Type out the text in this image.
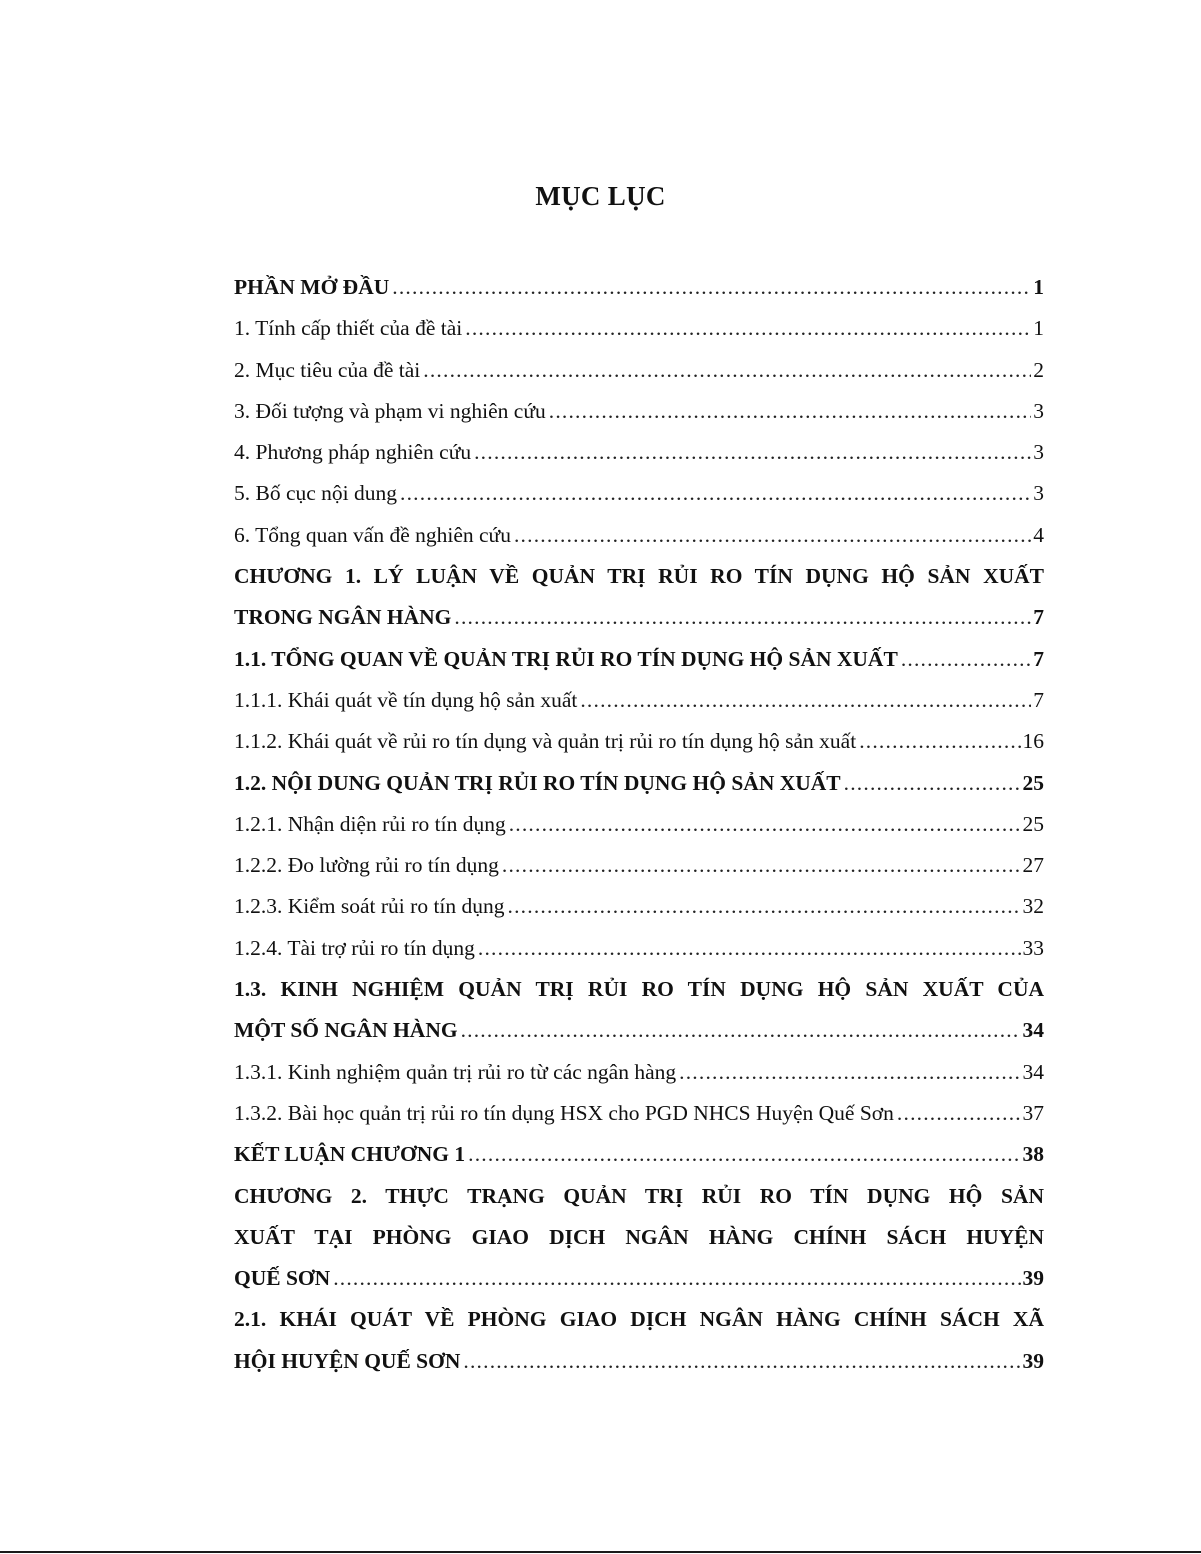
MỤC LỤC
PHẦN MỞ ĐẦU .....	1
1. Tính cấp thiết của đề tài .....	1
2. Mục tiêu của đề tài .....	2
3. Đối tượng và phạm vi nghiên cứu .....	3
4. Phương pháp nghiên cứu .....	3
5. Bố cục nội dung .....	3
6. Tổng quan vấn đề nghiên cứu .....	4
CHƯƠNG 1. LÝ LUẬN VỀ QUẢN TRỊ RỦI RO TÍN DỤNG HỘ SẢN XUẤT
TRONG NGÂN HÀNG .....	7
1.1. TỔNG QUAN VỀ QUẢN TRỊ RỦI RO TÍN DỤNG HỘ SẢN XUẤT .....	7
1.1.1. Khái quát về tín dụng hộ sản xuất .....	7
1.1.2. Khái quát về rủi ro tín dụng và quản trị rủi ro tín dụng hộ sản xuất .....	16
1.2. NỘI DUNG QUẢN TRỊ RỦI RO TÍN DỤNG HỘ SẢN XUẤT .....	25
1.2.1. Nhận diện rủi ro tín dụng .....	25
1.2.2. Đo lường rủi ro tín dụng .....	27
1.2.3. Kiểm soát rủi ro tín dụng .....	32
1.2.4. Tài trợ rủi ro tín dụng .....	33
1.3. KINH NGHIỆM QUẢN TRỊ RỦI RO TÍN DỤNG HỘ SẢN XUẤT CỦA
MỘT SỐ NGÂN HÀNG .....	34
1.3.1. Kinh nghiệm quản trị rủi ro từ các ngân hàng .....	34
1.3.2. Bài học quản trị rủi ro tín dụng HSX cho PGD NHCS Huyện Quế Sơn .....	37
KẾT LUẬN CHƯƠNG 1 .....	38
CHƯƠNG 2. THỰC TRẠNG QUẢN TRỊ RỦI RO TÍN DỤNG HỘ SẢN
XUẤT TẠI PHÒNG GIAO DỊCH NGÂN HÀNG CHÍNH SÁCH HUYỆN
QUẾ SƠN .....	39
2.1. KHÁI QUÁT VỀ PHÒNG GIAO DỊCH NGÂN HÀNG CHÍNH SÁCH XÃ
HỘI HUYỆN QUẾ SƠN .....	39
